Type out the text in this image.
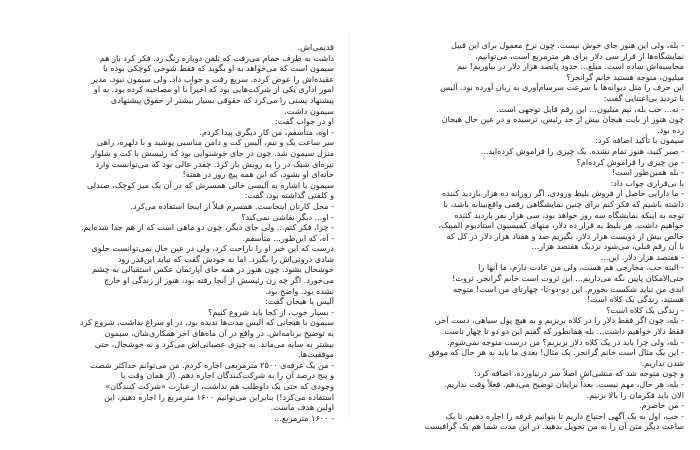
- بله، ولی این هنوز جای خوش نیست. چون نرخ معمول برای این قبیل

نمایشگاه‌ها از قرار سی دلار برای هر مترمربع است، می‌توانیم،

محاسبه‌اش ساده است. مبلغ... حدود پانصد هزار دلار در بیاوریم! نیم

میلیون، متوجه هستید خانم گرانجر؟

این حرف را مثل دیوانه‌ها با سرعت سرسام‌آوری به زبان آورده بود. آلیس

با تردید بی‌اعتنایی گفت:

- نه... حب بله، نیم میلیون... این رقم قابل توجهی است.

چون هنوز از بابت هیجان بیش از حد رئیس، ترسیده و در عین حال هیجان‌

زده بود.

سیمون با تأکید اضافه کرد:

- صبر کنید، هنوز تمام نشده. یک چیزی را فراموش کرده‌اید...

- من چیزی را فراموش کرده‌ام؟

- بله همین‌طور است!

با بی‌قراری جواب داد:

- ما دارایی حاصل از فروش بلیط ورودی. اگر روزانه ده هزار بازدید کننده

داشته باشیم که فکر کنم برای چنین نمایشگاهی رقمی واقع‌بینانه باشد، با

توجه به اینکه نمایشگاه سه روز خواهد بود، سی هزار نفر بازدید کننده

خواهیم داشت. هر بلیط به قرار ده دلار، منهای کمیسیون استادیوم المپیک،

خالص بیش از دویست هزار دلار. بگیریم صد و هفتاد هزار دلار در کل که

با آن رقم قبلی، می‌شود نزدیک هفتصد هزار...

- هفتصد هزار دلار. این...

- البته حب، مخارجی هم هست، ولی من عادت دارم، ما آنها را

حتی‌الامکان پایین نگه می‌داریم... این ثروت است خانم گرانجر. ثروت!

ابدی من نباید شکست بخورم. این دو-دو-تا- چهارتای من است! متوجه

هستید، زندگی یک کلاه است!

- زندگی یک کلاه است؟

- بله، چون اگر فقط دلار را در کلاه بریزیم و به هیچ پول سیاهی، دست آخر،

فقط دلار خواهیم داشت... بله همانطور که گفتم این دو دو تا چهار تاست.

- بله، ولی چرا باید در یک کلاه دلار بریزیم؟ من درست متوجه نمی‌شوم.

- این یک مثال است خانم گرانجر. یک مثال! بعدی ما باید به هر حال که موفق

شدن نداریم.

و چون متوجه شد که منشی‌اش اصلاً سر درنیاورده، اضافه کرد:

- بله، هر حال، مهم نیست. بعداً برایتان توضیح می‌دهم. فعلاً وقت نداریم.

الان باید فکرمان را بالا بزنیم.

- من حاضرم.

- خب، اول به یک آگهی احتیاج داریم تا بتوانیم غرفه را اجاره دهیم. تا یک

ساعت دیگر متن آن را به من تحویل بدهید. در این مدت شما هم یک گرافیست

قدیمی‌اش.

داشت به طرف حمام می‌رفت که تلفن دوباره زنگ زد. فکر کرد باز هم

سیمون است که می‌خواهد به او بگوید که فقط شوخی کوچکی بوده یا

عقیده‌اش را عوض کرده. سریع رفت و جواب داد. ولی سیمون نبود. مدیر

امور اداری یکی از شرکت‌هایی بود که اخیراً با او مصاحبه کرده بود. به او

پیشنهاد پستی را می‌کرد که حقوقی بسیار بیشتر از حقوق پیشنهادی

سیمون داشت.

او در جواب گفت:

- اوه، متأسفم، من کار دیگری پیدا کردم.

سر ساعت یک و نیم، آلیس کت و دامن مناسبی پوشید و با دلهره، راهی

منزل سیمون شد. چون در جای خوشنوایی بود که رئیسش با کت و شلوار

تیره‌ای شیک در را به رویش باز کرد. چقدر عالی بود که می‌توانست وارد

خانه‌ای او بشود، که این همه پیچ روز در هفته!

سیمون با اشاره به آلیسی خالی همسرش که در آن یک میز کوچک، صندلی

و کلفتی گذاشته بود، گفت:

- محل کارتان اینجاست. همسرم قبلاً از اینجا استفاده می‌کرد.

- او... دیگر نقاشی نمی‌کند؟

- چرا، فکر کنم... ولی جای دیگر، چون دو ماهی است که از هم جدا شده‌ایم.

- آه، که این‌طور... متأسفم.

درست که این خبر او را ناراحت کرد، ولی در عین حال نمی‌توانست جلوی

شادی درونی‌اش را بگیرد. اما نه خودش گفت که نباید این‌قدر زود

خوشحال بشود. چون هنوز در همه جای آپارتمان عکس استقبالی به چشم

می‌خورد. اگر چه زن رئیسش از آنجا رفته بود، هنوز از زندگی او خارج

نشده بود. واضح بود.

آلیس با هیجان گفت:

- بسیار خوب، از کجا باید شروع کنیم؟

سیمون با هیجانی که آلیس مدت‌ها ندیده بود، در او سراغ نداشت، شروع کرد

به توضیح برنامه‌اش. در واقع در آن ماه‌های اخر همکاری‌شان، سیمون

بیشتر به سایه می‌ماند. به چیزی عصبانی‌اش می‌کرد و نه خوشحال، حتی

موفقیت‌ها.

- من یک غرفه‌ی ۲۵۰۰ مترمربعی اجاره کردم. من می‌توانم حداکثر شصت

و پنج درصد آن را به شرکت‌کنندگان اجاره دهم. (از همان وقت با

وجودی که حتی یک داوطلب هم نداشت، از عبارت «شرکت کنندگان»

استفاده می‌کرد!) بنابراین می‌توانیم ۱۶۰۰ مترمربع را اجاره دهیم، این

اولین هدف ماست.

- ۱۶۰۰ مترمربع...
